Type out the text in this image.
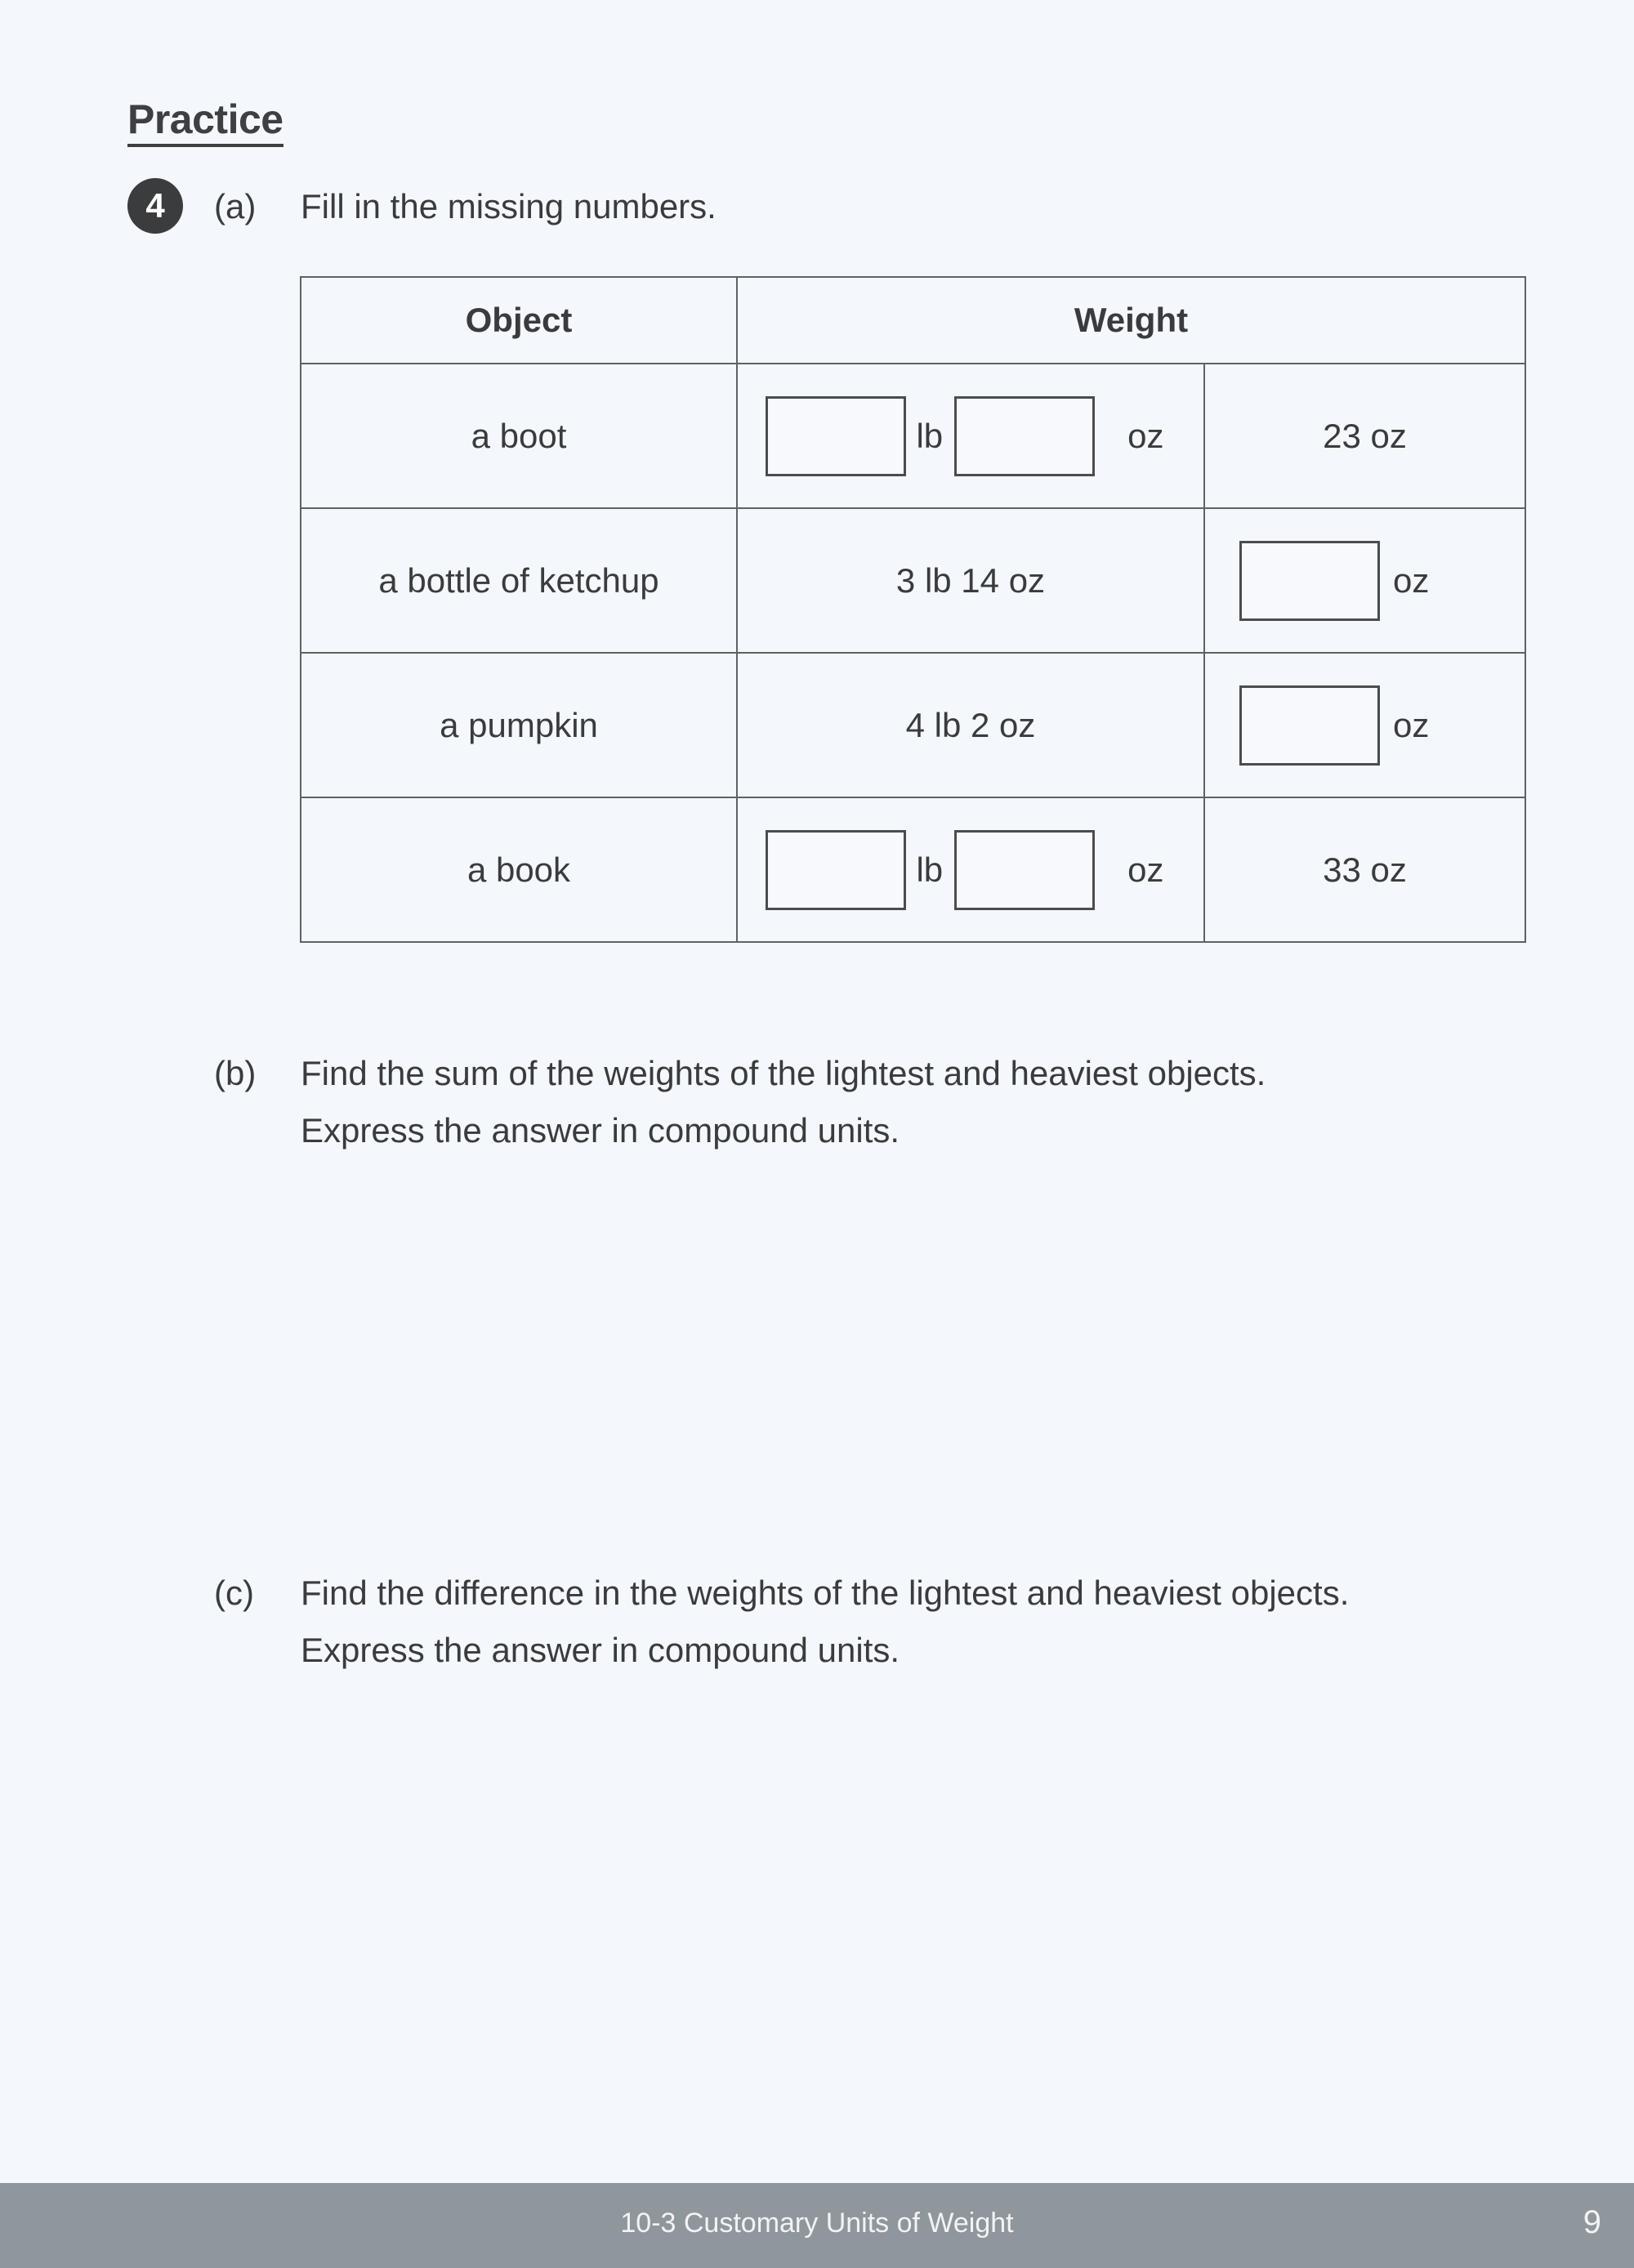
Practice
4	(a) Fill in the missing numbers.
Object	Weight	
a boot	lb oz	23 oz
a bottle of ketchup	3 lb 14 oz	oz

a pumpkin	4 lb 2 oz	oz

a book	lb oz	33 oz
(b) Find the sum of the weights of the lightest and heaviest objects.
Express the answer in compound units.
(c) Find the difference in the weights of the lightest and heaviest objects.
Express the answer in compound units.
10-3 Customary Units of Weight	9
